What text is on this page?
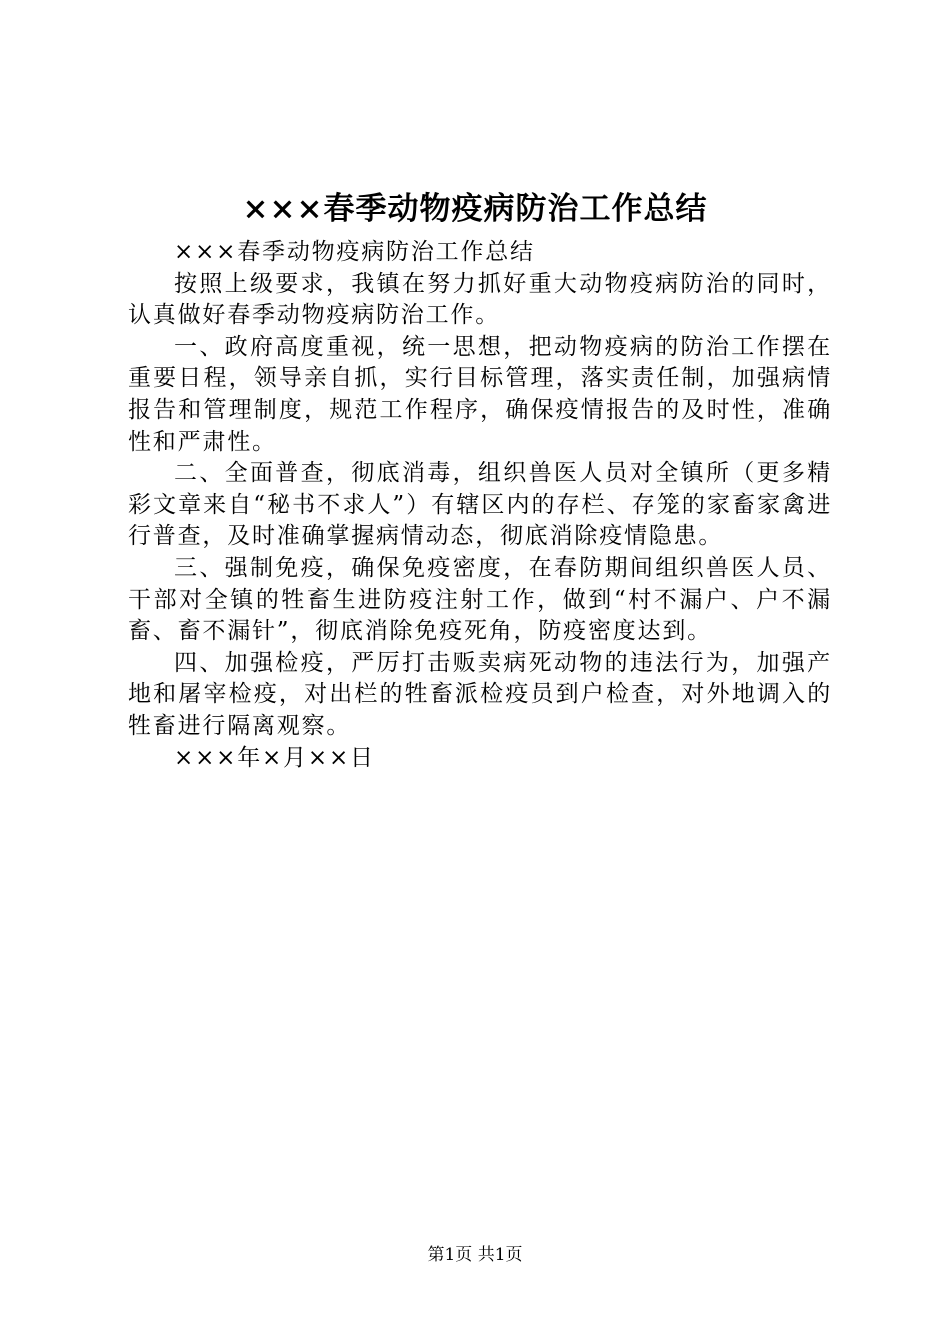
×××春季动物疫病防治工作总结

×××春季动物疫病防治工作总结

按照上级要求，我镇在努力抓好重大动物疫病防治的同时，认真做好春季动物疫病防治工作。

一、政府高度重视，统一思想，把动物疫病的防治工作摆在重要日程，领导亲自抓，实行目标管理，落实责任制，加强病情报告和管理制度，规范工作程序，确保疫情报告的及时性，准确性和严肃性。

二、全面普查，彻底消毒，组织兽医人员对全镇所（更多精彩文章来自“秘书不求人”）有辖区内的存栏、存笼的家畜家禽进行普查，及时准确掌握病情动态，彻底消除疫情隐患。

三、强制免疫，确保免疫密度，在春防期间组织兽医人员、干部对全镇的牲畜生进防疫注射工作，做到“村不漏户、户不漏畜、畜不漏针”，彻底消除免疫死角，防疫密度达到。

四、加强检疫，严厉打击贩卖病死动物的违法行为，加强产地和屠宰检疫，对出栏的牲畜派检疫员到户检查，对外地调入的牲畜进行隔离观察。

×××年×月××日

第1页 共1页
